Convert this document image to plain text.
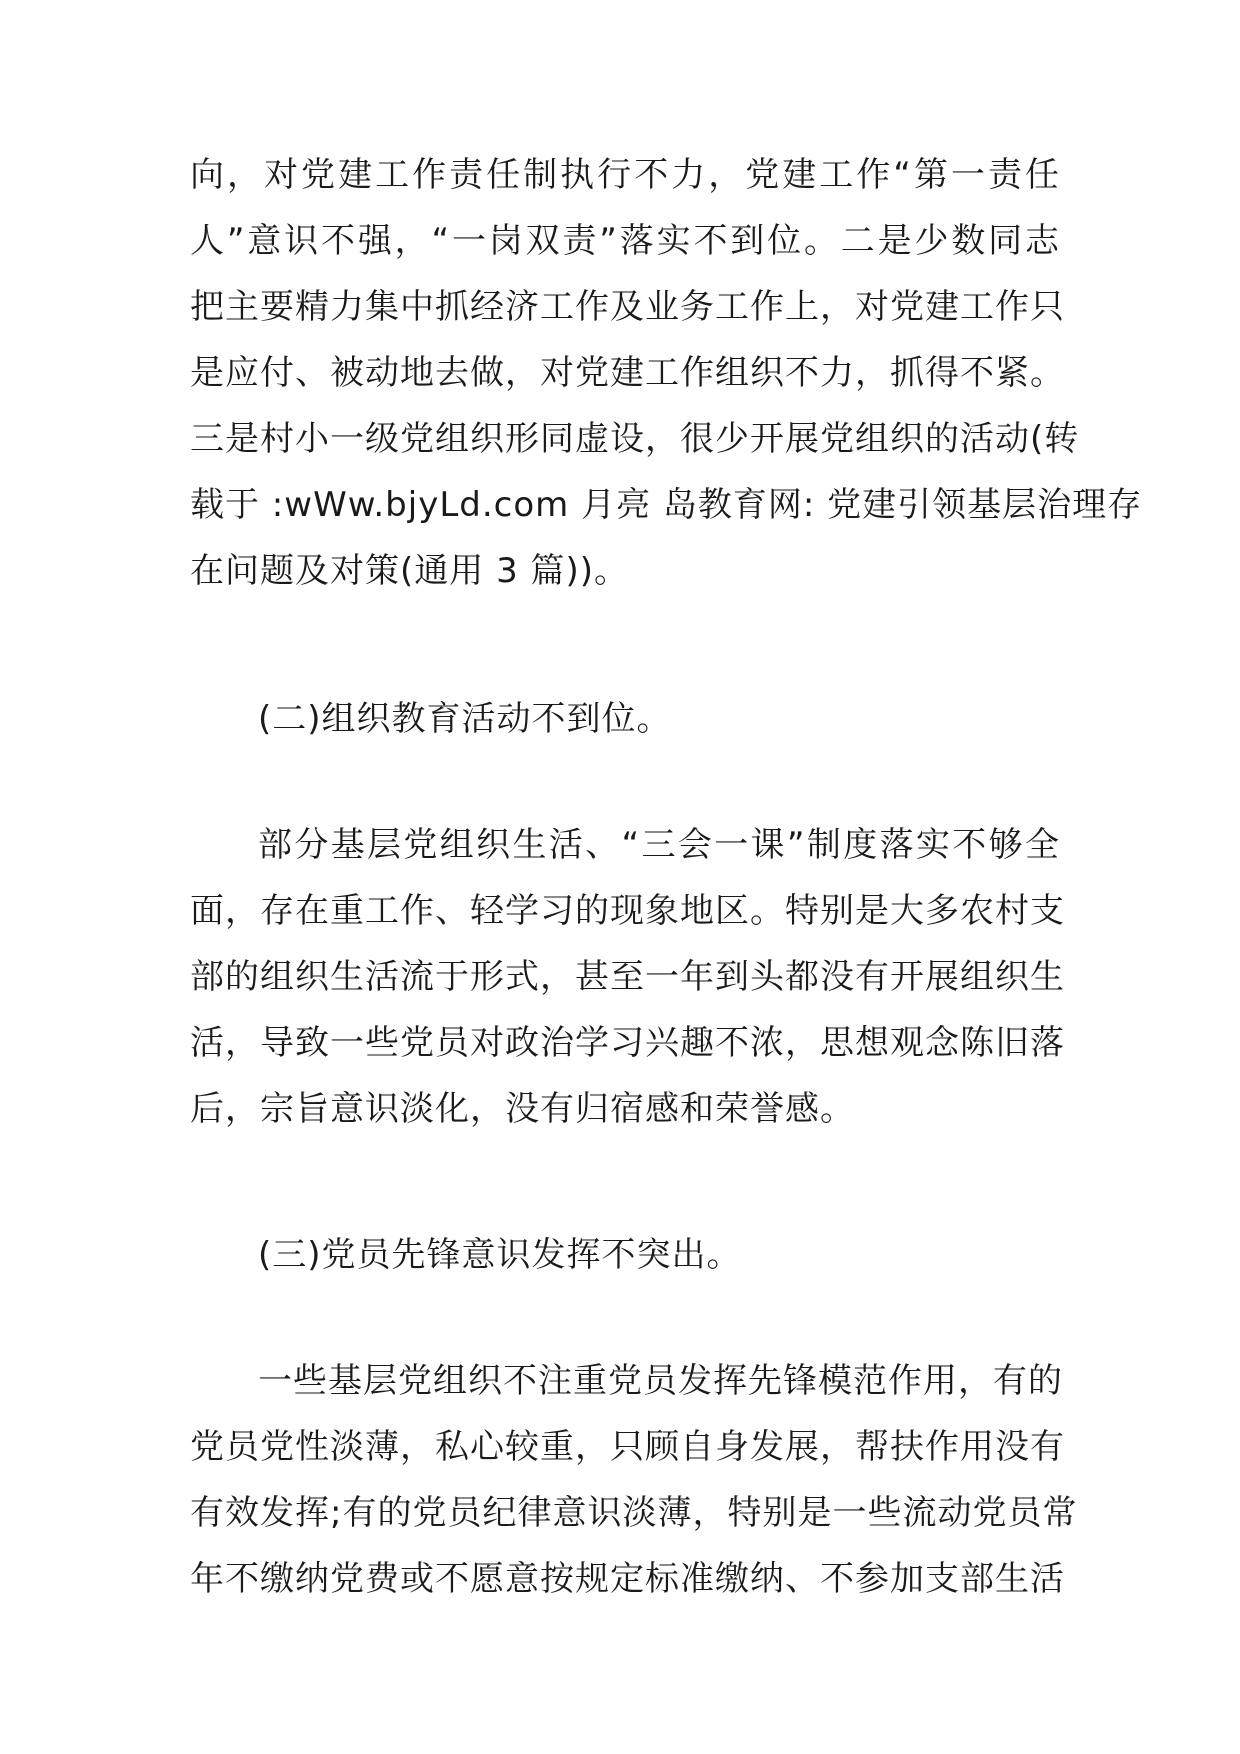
向，对党建工作责任制执行不力，党建工作“第一责任
人”意识不强，“一岗双责”落实不到位。二是少数同志
把主要精力集中抓经济工作及业务工作上，对党建工作只
是应付、被动地去做，对党建工作组织不力，抓得不紧。
三是村小一级党组织形同虚设，很少开展党组织的活动(转
载于 :wWw.bjyLd.com 月亮 岛教育网: 党建引领基层治理存
在问题及对策(通用 3 篇))。
(二)组织教育活动不到位。
部分基层党组织生活、“三会一课”制度落实不够全
面，存在重工作、轻学习的现象地区。特别是大多农村支
部的组织生活流于形式，甚至一年到头都没有开展组织生
活，导致一些党员对政治学习兴趣不浓，思想观念陈旧落
后，宗旨意识淡化，没有归宿感和荣誉感。
(三)党员先锋意识发挥不突出。
一些基层党组织不注重党员发挥先锋模范作用，有的
党员党性淡薄，私心较重，只顾自身发展，帮扶作用没有
有效发挥;有的党员纪律意识淡薄，特别是一些流动党员常
年不缴纳党费或不愿意按规定标准缴纳、不参加支部生活
